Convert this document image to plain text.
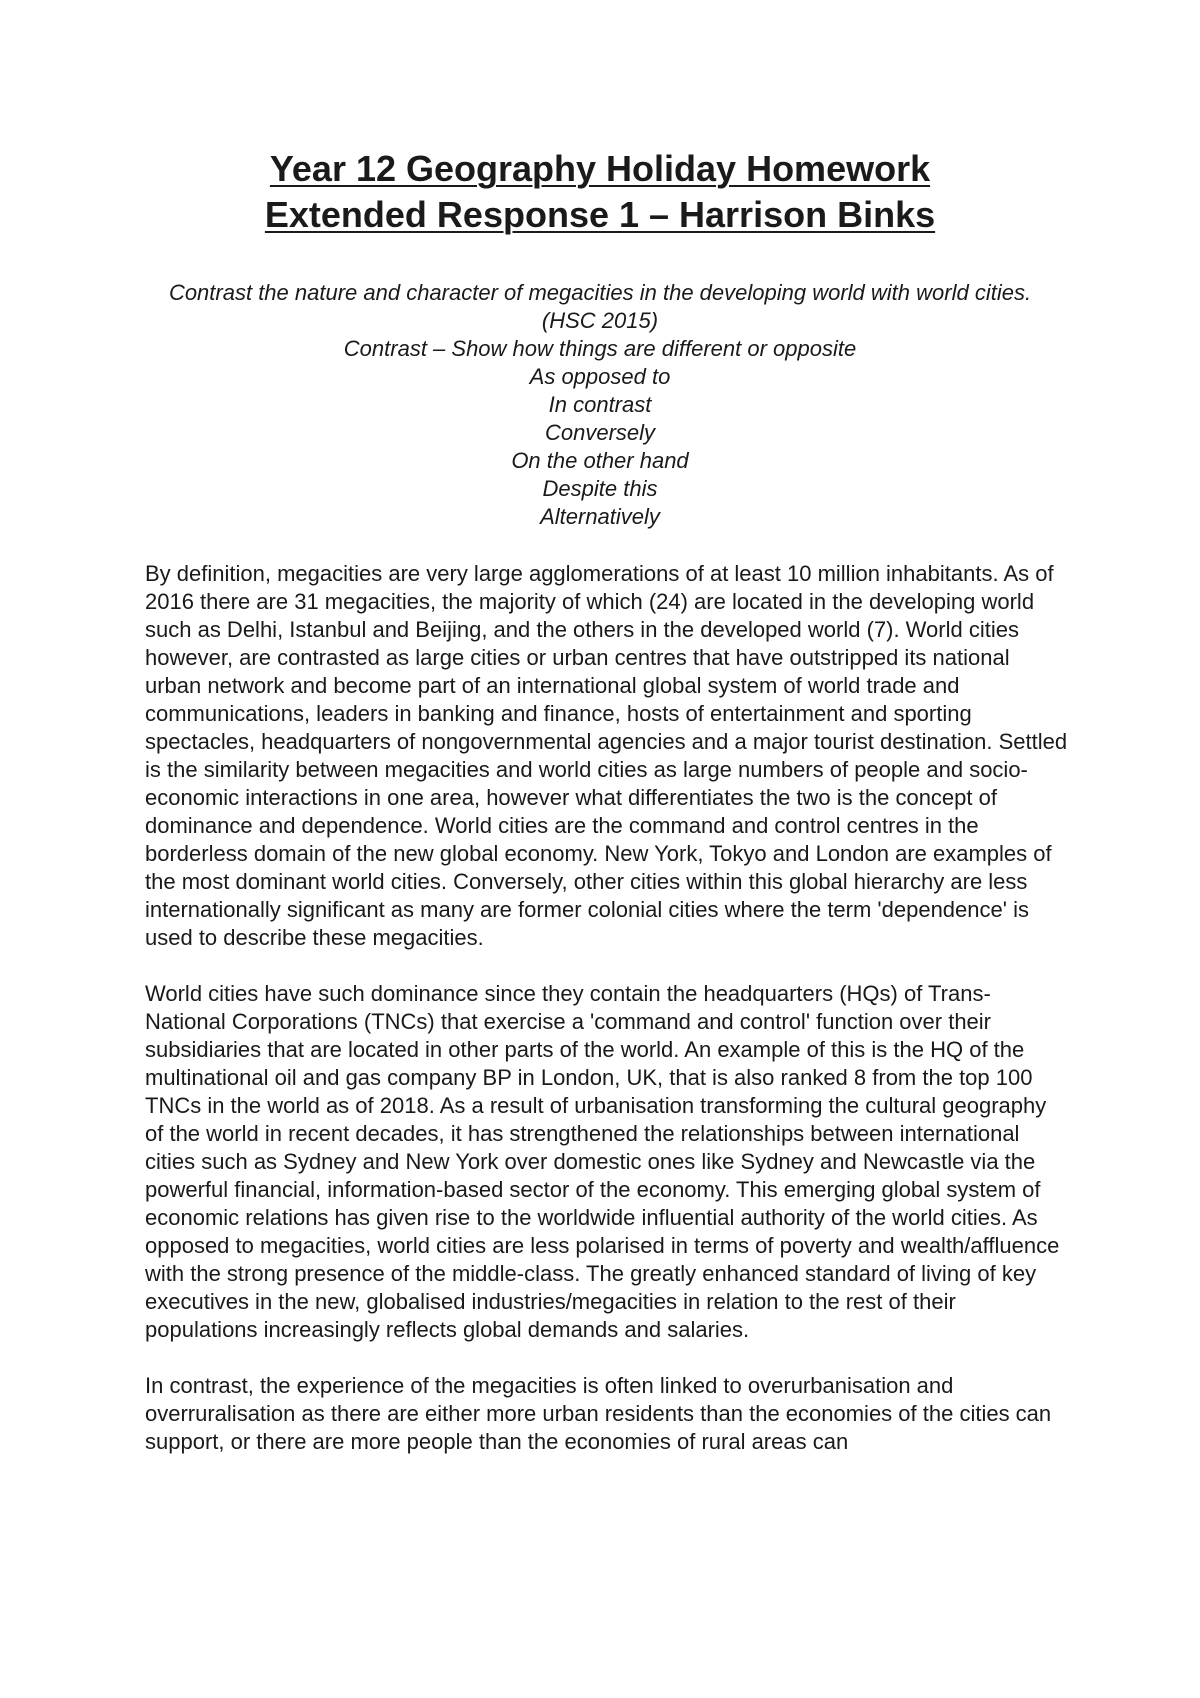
Year 12 Geography Holiday Homework
Extended Response 1 – Harrison Binks
Contrast the nature and character of megacities in the developing world with world cities. (HSC 2015)
Contrast – Show how things are different or opposite
As opposed to
In contrast
Conversely
On the other hand
Despite this
Alternatively

By definition, megacities are very large agglomerations of at least 10 million inhabitants. As of 2016 there are 31 megacities, the majority of which (24) are located in the developing world such as Delhi, Istanbul and Beijing, and the others in the developed world (7). World cities however, are contrasted as large cities or urban centres that have outstripped its national urban network and become part of an international global system of world trade and communications, leaders in banking and finance, hosts of entertainment and sporting spectacles, headquarters of nongovernmental agencies and a major tourist destination. Settled is the similarity between megacities and world cities as large numbers of people and socio-economic interactions in one area, however what differentiates the two is the concept of dominance and dependence. World cities are the command and control centres in the borderless domain of the new global economy. New York, Tokyo and London are examples of the most dominant world cities. Conversely, other cities within this global hierarchy are less internationally significant as many are former colonial cities where the term 'dependence' is used to describe these megacities.

World cities have such dominance since they contain the headquarters (HQs) of Trans-National Corporations (TNCs) that exercise a 'command and control' function over their subsidiaries that are located in other parts of the world. An example of this is the HQ of the multinational oil and gas company BP in London, UK, that is also ranked 8 from the top 100 TNCs in the world as of 2018. As a result of urbanisation transforming the cultural geography of the world in recent decades, it has strengthened the relationships between international cities such as Sydney and New York over domestic ones like Sydney and Newcastle via the powerful financial, information-based sector of the economy. This emerging global system of economic relations has given rise to the worldwide influential authority of the world cities. As opposed to megacities, world cities are less polarised in terms of poverty and wealth/affluence with the strong presence of the middle-class. The greatly enhanced standard of living of key executives in the new, globalised industries/megacities in relation to the rest of their populations increasingly reflects global demands and salaries.

In contrast, the experience of the megacities is often linked to overurbanisation and overruralisation as there are either more urban residents than the economies of the cities can support, or there are more people than the economies of rural areas can
